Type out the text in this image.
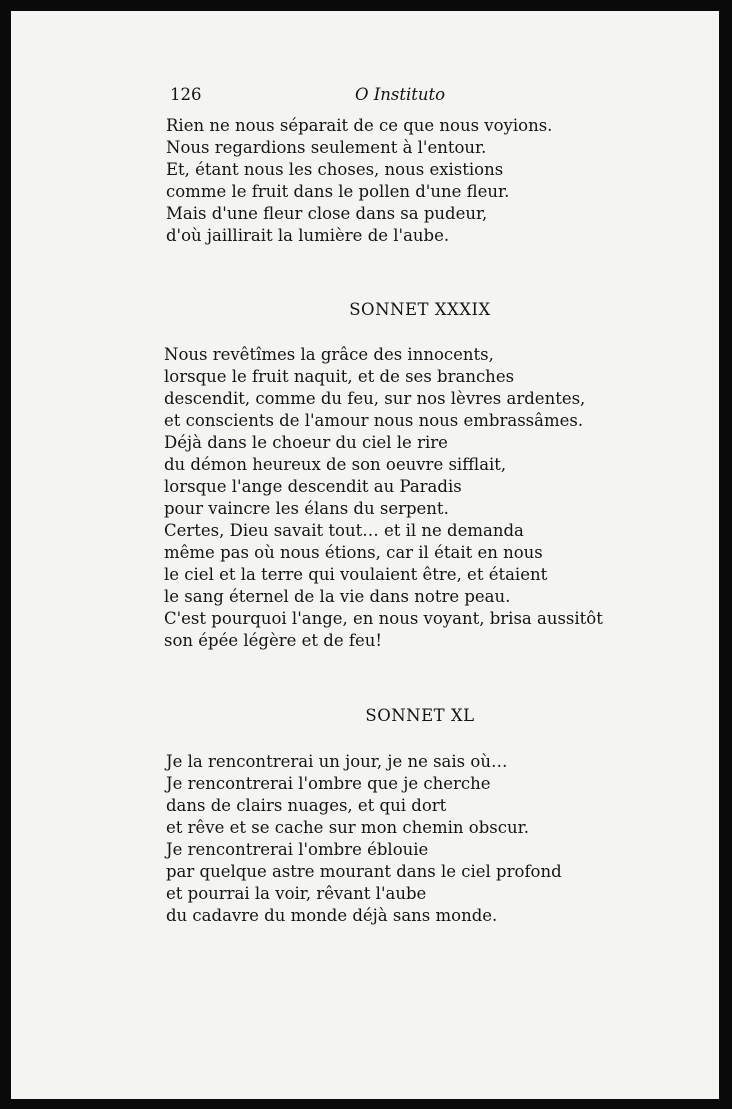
126	O Instituto
Rien ne nous séparait de ce que nous voyions.
Nous regardions seulement à l'entour.
Et, étant nous les choses, nous existions
comme le fruit dans le pollen d'une fleur.
Mais d'une fleur close dans sa pudeur,
d'où jaillirait la lumière de l'aube.
SONNET XXXIX
Nous revêtîmes la grâce des innocents,
lorsque le fruit naquit, et de ses branches
descendit, comme du feu, sur nos lèvres ardentes,
et conscients de l'amour nous nous embrassâmes.
Déjà dans le choeur du ciel le rire
du démon heureux de son oeuvre sifflait,
lorsque l'ange descendit au Paradis
pour vaincre les élans du serpent.
Certes, Dieu savait tout… et il ne demanda
même pas où nous étions, car il était en nous
le ciel et la terre qui voulaient être, et étaient
le sang éternel de la vie dans notre peau.
C'est pourquoi l'ange, en nous voyant, brisa aussitôt
son épée légère et de feu!
SONNET XL
Je la rencontrerai un jour, je ne sais où…
Je rencontrerai l'ombre que je cherche
dans de clairs nuages, et qui dort
et rêve et se cache sur mon chemin obscur.
Je rencontrerai l'ombre éblouie
par quelque astre mourant dans le ciel profond
et pourrai la voir, rêvant l'aube
du cadavre du monde déjà sans monde.
